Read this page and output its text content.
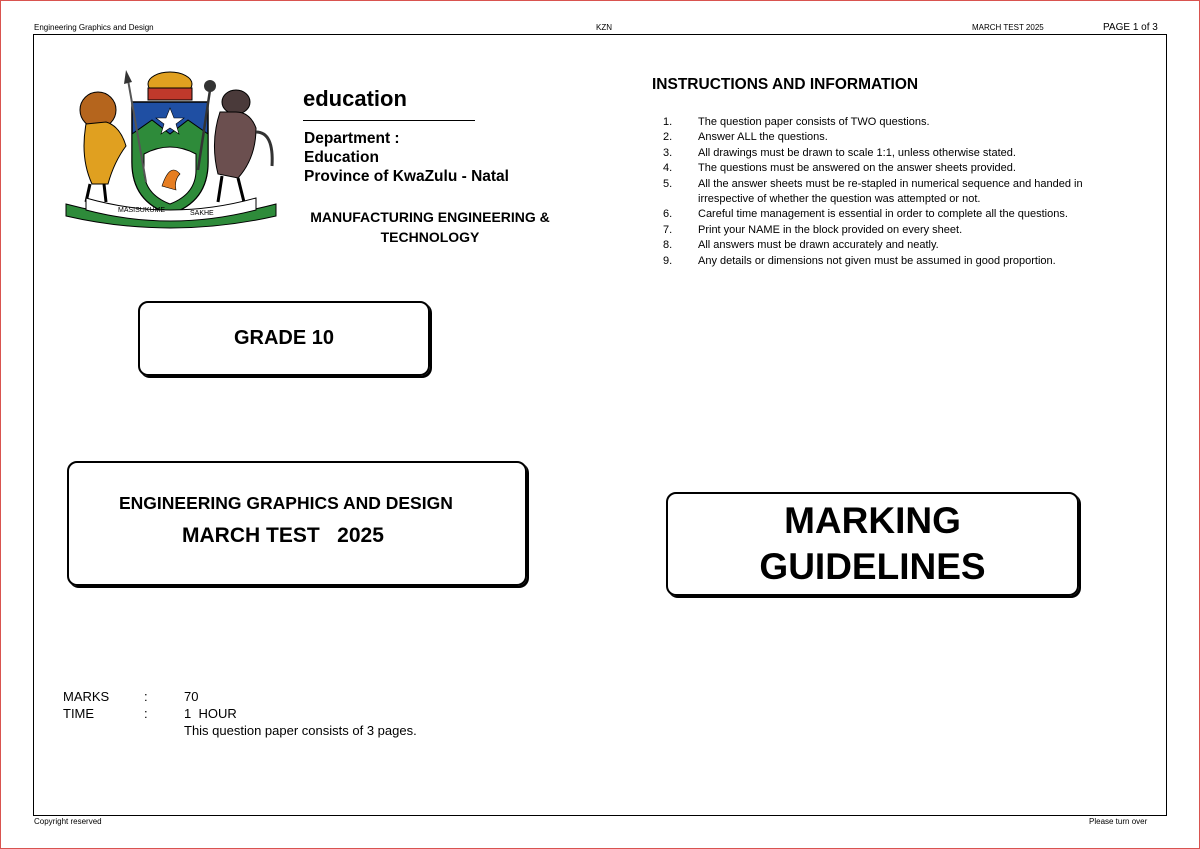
Engineering Graphics and Design	KZN	MARCH TEST 2025	PAGE 1 of 3
MASISUKUME	SAKHE
education
Department :
Education
Province of KwaZulu - Natal
MANUFACTURING ENGINEERING &
TECHNOLOGY
INSTRUCTIONS AND INFORMATION
1.	The question paper consists of TWO questions.
2.	Answer ALL the questions.
3.	All drawings must be drawn to scale 1:1, unless otherwise stated.
4.	The questions must be answered on the answer sheets provided.
5.	All the answer sheets must be re-stapled in numerical sequence and handed in irrespective of whether the question was attempted or not.
6.	Careful time management is essential in order to complete all the questions.
7.	Print your NAME in the block provided on every sheet.
8.	All answers must be drawn accurately and neatly.
9.	Any details or dimensions not given must be assumed in good proportion.
GRADE 10
ENGINEERING GRAPHICS AND DESIGN
MARCH TEST   2025	MARKING
GUIDELINES
MARKS	:	70
TIME	:	1  HOUR
This question paper consists of 3 pages.
Copyright reserved	Please turn over
